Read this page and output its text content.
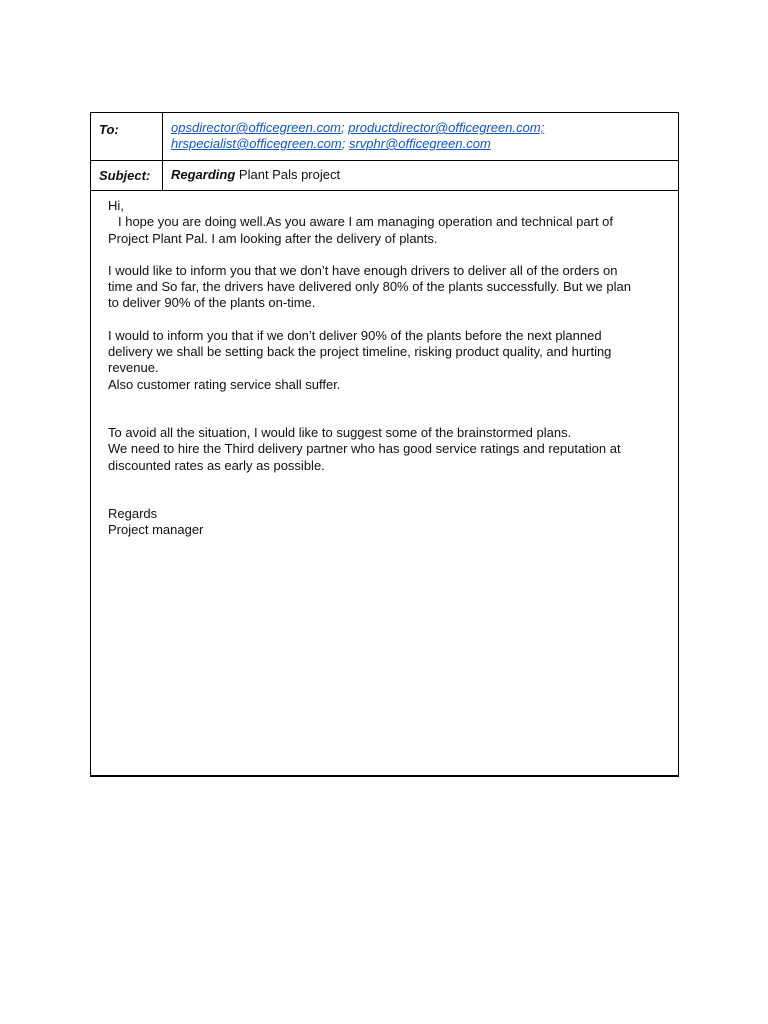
To:	opsdirector@officegreen.com; productdirector@officegreen.com;
hrspecialist@officegreen.com; srvphr@officegreen.com
Subject:	Regarding Plant Pals project

Hi,

I hope you are doing well.As you aware I am managing operation and technical part of

Project Plant Pal. I am looking after the delivery of plants.

I would like to inform you that we don’t have enough drivers to deliver all of the orders on

time and So far, the drivers have delivered only 80% of the plants successfully. But we plan

to deliver 90% of the plants on-time.

I would to inform you that if we don’t deliver 90% of the plants before the next planned

delivery we shall be setting back the project timeline, risking product quality, and hurting

revenue.

Also customer rating service shall suffer.

To avoid all the situation, I would like to suggest some of the brainstormed plans.

We need to hire the Third delivery partner who has good service ratings and reputation at

discounted rates as early as possible.

Regards

Project manager
